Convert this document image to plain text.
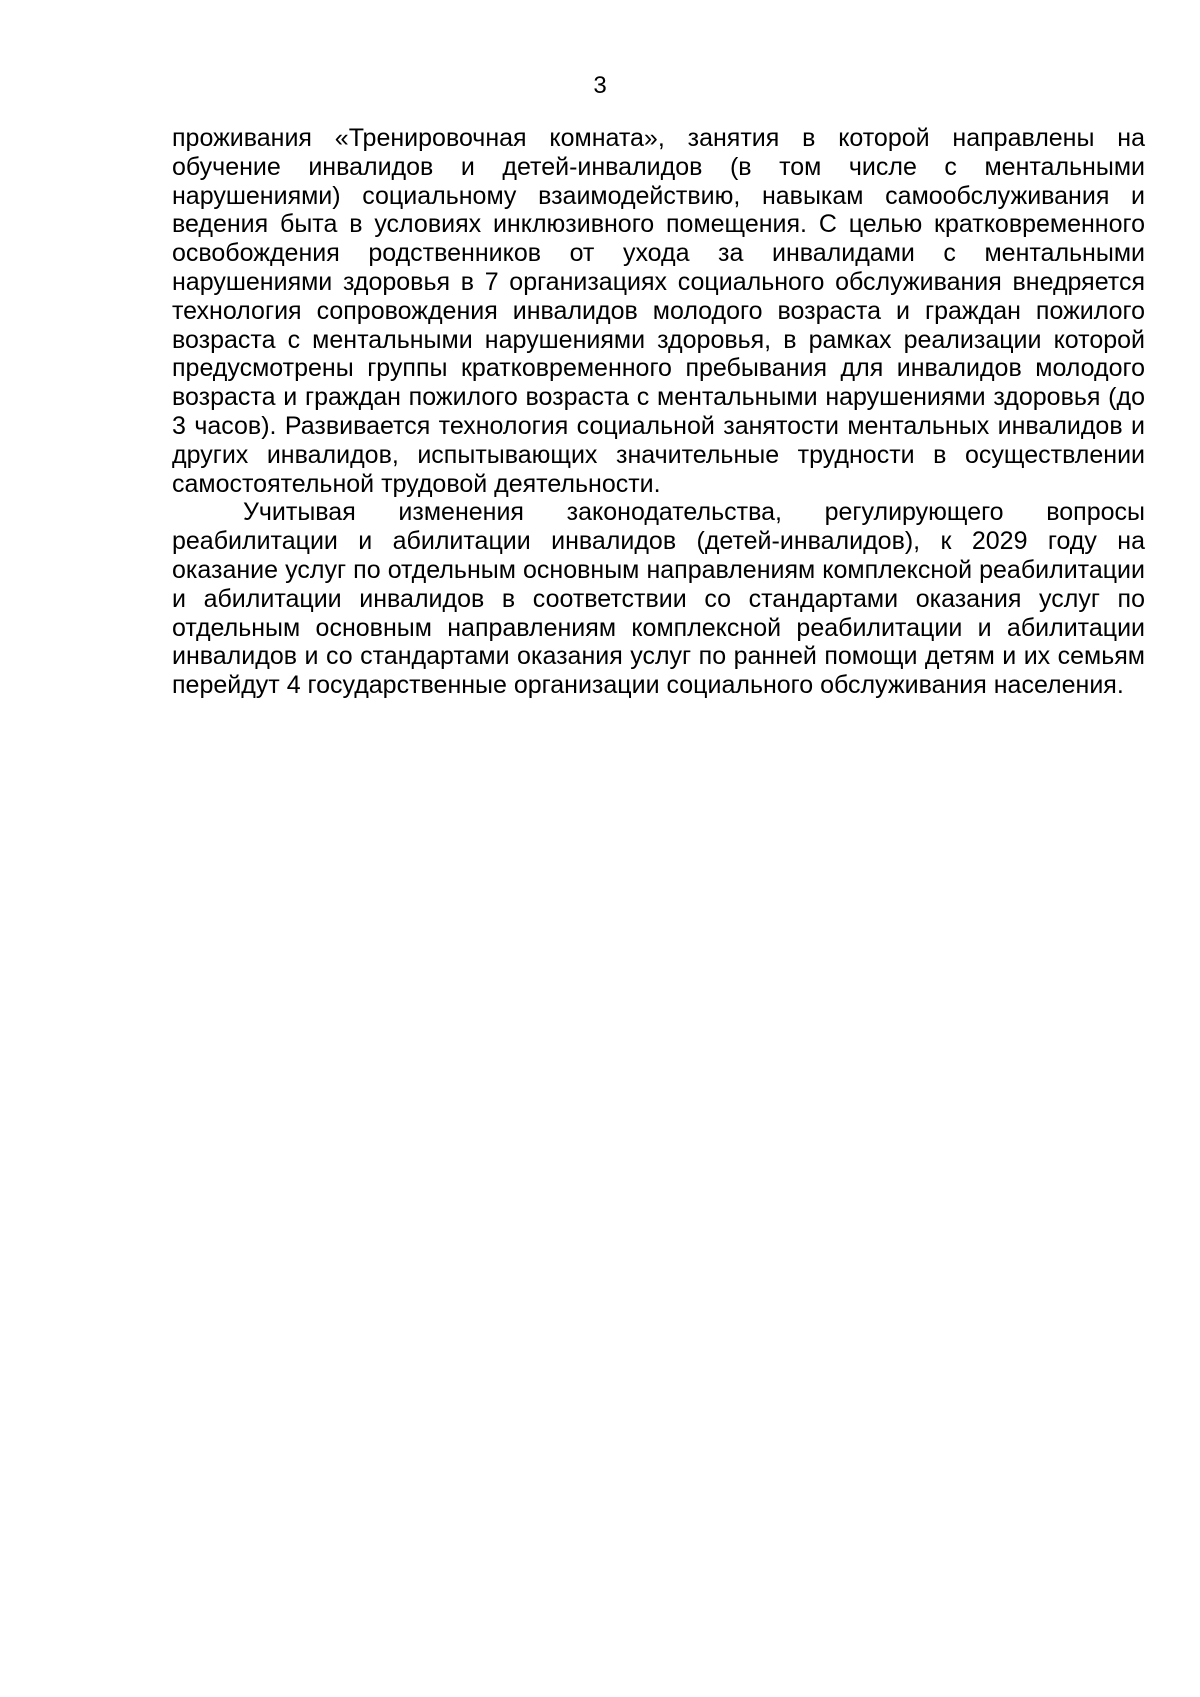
3

проживания «Тренировочная комната», занятия в которой направлены на обучение инвалидов и детей-инвалидов (в том числе с ментальными нарушениями) социальному взаимодействию, навыкам самообслуживания и ведения быта в условиях инклюзивного помещения. С целью кратковременного освобождения родственников от ухода за инвалидами с ментальными нарушениями здоровья в 7 организациях социального обслуживания внедряется технология сопровождения инвалидов молодого возраста и граждан пожилого возраста с ментальными нарушениями здоровья, в рамках реализации которой предусмотрены группы кратковременного пребывания для инвалидов молодого возраста и граждан пожилого возраста с ментальными нарушениями здоровья (до 3 часов). Развивается технология социальной занятости ментальных инвалидов и других инвалидов, испытывающих значительные трудности в осуществлении самостоятельной трудовой деятельности.

Учитывая изменения законодательства, регулирующего вопросы реабилитации и абилитации инвалидов (детей-инвалидов), к 2029 году на оказание услуг по отдельным основным направлениям комплексной реабилитации и абилитации инвалидов в соответствии со стандартами оказания услуг по отдельным основным направлениям комплексной реабилитации и абилитации инвалидов и со стандартами оказания услуг по ранней помощи детям и их семьям перейдут 4 государственные организации социального обслуживания населения.
